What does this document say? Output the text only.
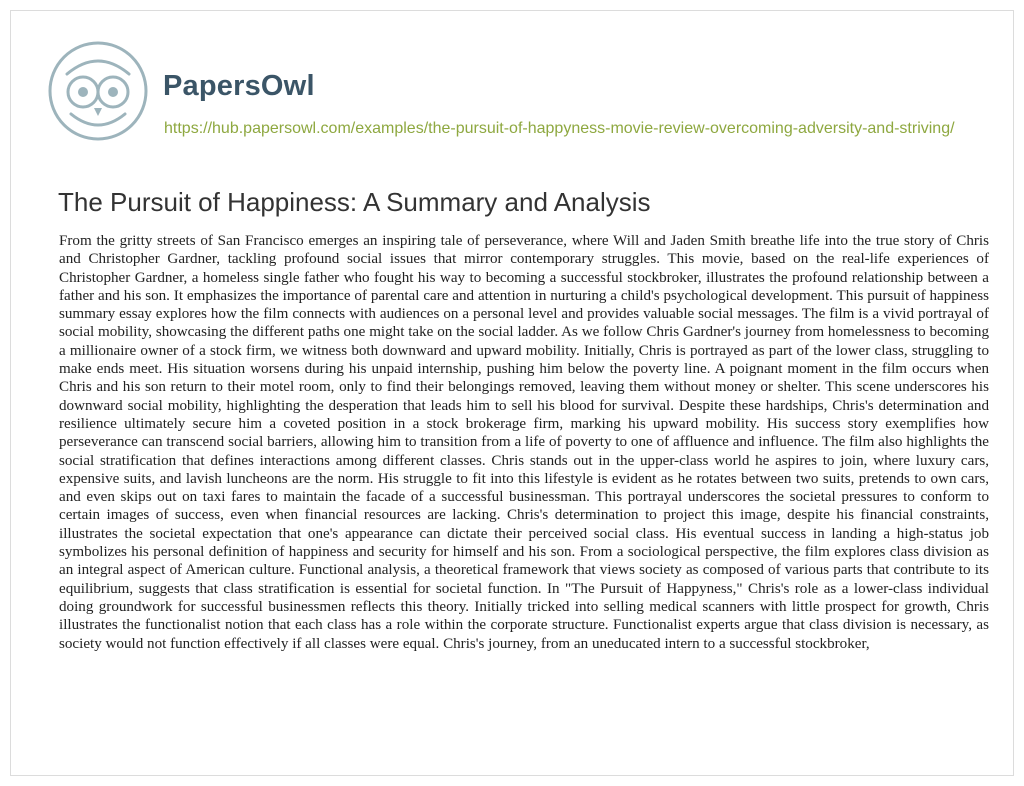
PapersOwl
https://hub.papersowl.com/examples/the-pursuit-of-happyness-movie-review-overcoming-adversity-and-striving/
The Pursuit of Happiness: A Summary and Analysis

From the gritty streets of San Francisco emerges an inspiring tale of perseverance, where Will and Jaden Smith breathe life into the true story of Chris and Christopher Gardner, tackling profound social issues that mirror contemporary struggles. This movie, based on the real-life experiences of Christopher Gardner, a homeless single father who fought his way to becoming a successful stockbroker, illustrates the profound relationship between a father and his son. It emphasizes the importance of parental care and attention in nurturing a child's psychological development. This pursuit of happiness summary essay explores how the film connects with audiences on a personal level and provides valuable social messages. The film is a vivid portrayal of social mobility, showcasing the different paths one might take on the social ladder. As we follow Chris Gardner's journey from homelessness to becoming a millionaire owner of a stock firm, we witness both downward and upward mobility. Initially, Chris is portrayed as part of the lower class, struggling to make ends meet. His situation worsens during his unpaid internship, pushing him below the poverty line. A poignant moment in the film occurs when Chris and his son return to their motel room, only to find their belongings removed, leaving them without money or shelter. This scene underscores his downward social mobility, highlighting the desperation that leads him to sell his blood for survival. Despite these hardships, Chris's determination and resilience ultimately secure him a coveted position in a stock brokerage firm, marking his upward mobility. His success story exemplifies how perseverance can transcend social barriers, allowing him to transition from a life of poverty to one of affluence and influence. The film also highlights the social stratification that defines interactions among different classes. Chris stands out in the upper-class world he aspires to join, where luxury cars, expensive suits, and lavish luncheons are the norm. His struggle to fit into this lifestyle is evident as he rotates between two suits, pretends to own cars, and even skips out on taxi fares to maintain the facade of a successful businessman. This portrayal underscores the societal pressures to conform to certain images of success, even when financial resources are lacking. Chris's determination to project this image, despite his financial constraints, illustrates the societal expectation that one's appearance can dictate their perceived social class. His eventual success in landing a high-status job symbolizes his personal definition of happiness and security for himself and his son. From a sociological perspective, the film explores class division as an integral aspect of American culture. Functional analysis, a theoretical framework that views society as composed of various parts that contribute to its equilibrium, suggests that class stratification is essential for societal function. In "The Pursuit of Happyness," Chris's role as a lower-class individual doing groundwork for successful businessmen reflects this theory. Initially tricked into selling medical scanners with little prospect for growth, Chris illustrates the functionalist notion that each class has a role within the corporate structure. Functionalist experts argue that class division is necessary, as society would not function effectively if all classes were equal. Chris's journey, from an uneducated intern to a successful stockbroker,
